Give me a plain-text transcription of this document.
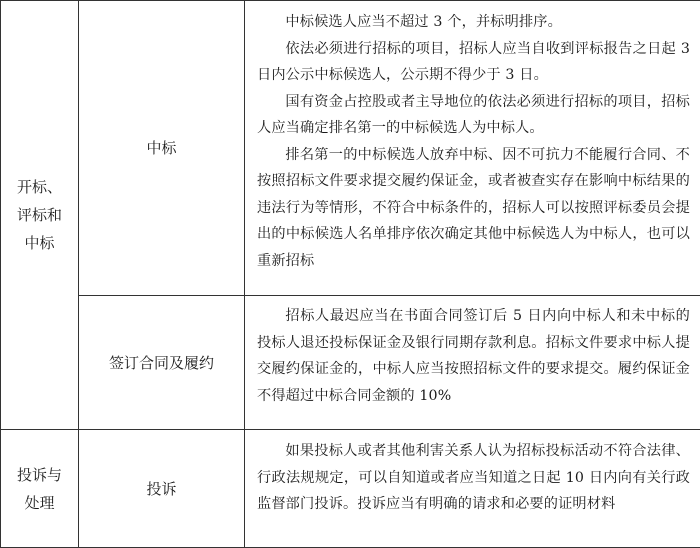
开标、评标和中标	中标	中标候选人应当不超过 3 个，并标明排序。

依法必须进行招标的项目，招标人应当自收到评标报告之日起 3 日内公示中标候选人，公示期不得少于 3 日。

国有资金占控股或者主导地位的依法必须进行招标的项目，招标人应当确定排名第一的中标候选人为中标人。

排名第一的中标候选人放弃中标、因不可抗力不能履行合同、不按照招标文件要求提交履约保证金，或者被查实存在影响中标结果的违法行为等情形，不符合中标条件的，招标人可以按照评标委员会提出的中标候选人名单排序依次确定其他中标候选人为中标人，也可以重新招标

	签订合同及履约	招标人最迟应当在书面合同签订后 5 日内向中标人和未中标的投标人退还投标保证金及银行同期存款利息。招标文件要求中标人提交履约保证金的，中标人应当按照招标文件的要求提交。履约保证金不得超过中标合同金额的 10%

投诉与处理	投诉	如果投标人或者其他利害关系人认为招标投标活动不符合法律、行政法规规定，可以自知道或者应当知道之日起 10 日内向有关行政监督部门投诉。投诉应当有明确的请求和必要的证明材料
